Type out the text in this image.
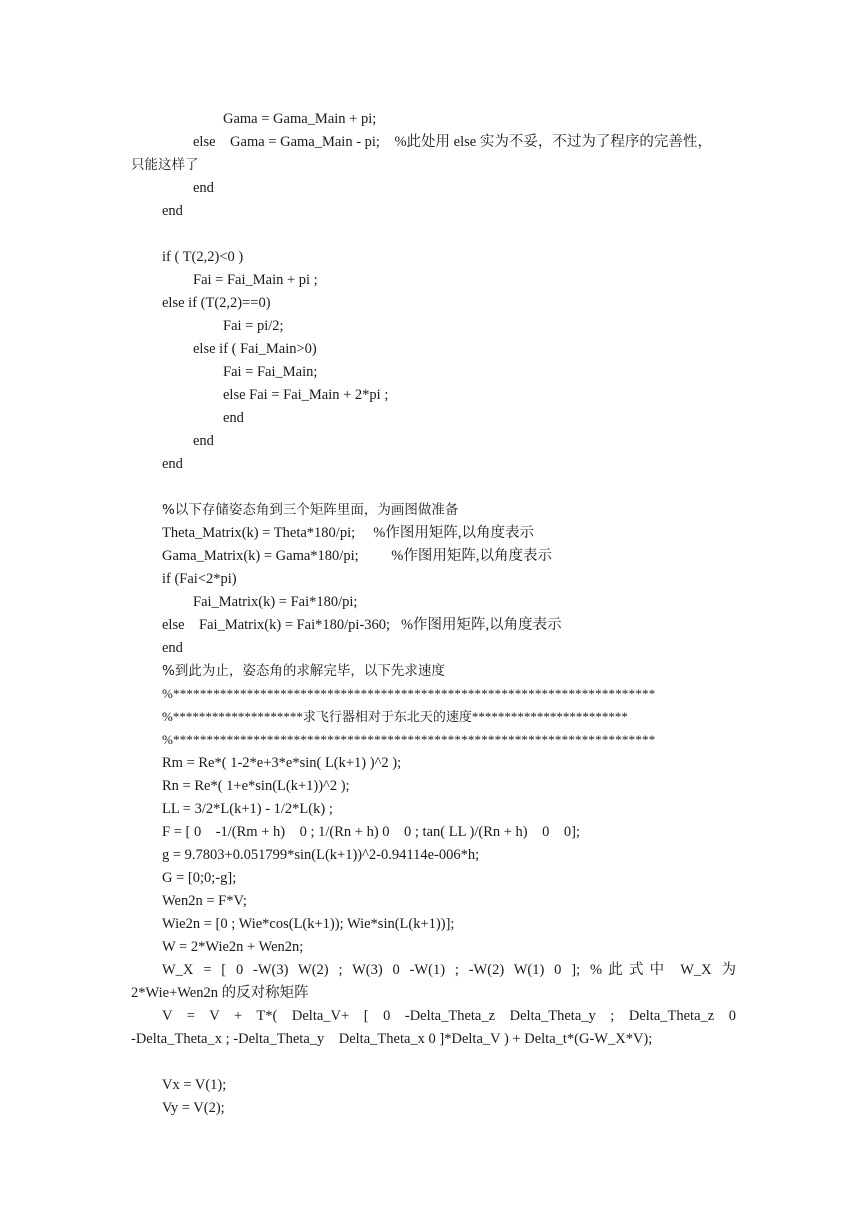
Gama = Gama_Main + pi;
else    Gama = Gama_Main - pi;    %此处用 else 实为不妥，不过为了程序的完善性，
只能这样了
end
end
if ( T(2,2)<0 )
Fai = Fai_Main + pi ;
else if (T(2,2)==0)
Fai = pi/2;
else if ( Fai_Main>0)
Fai = Fai_Main;
else Fai = Fai_Main + 2*pi ;
end
end
end
%以下存储姿态角到三个矩阵里面，为画图做准备
Theta_Matrix(k) = Theta*180/pi;     %作图用矩阵,以角度表示
Gama_Matrix(k) = Gama*180/pi;         %作图用矩阵,以角度表示
if (Fai<2*pi)
Fai_Matrix(k) = Fai*180/pi;
else    Fai_Matrix(k) = Fai*180/pi-360;   %作图用矩阵,以角度表示
end
%到此为止，姿态角的求解完毕，以下先求速度
%************************************************************************
%********************求飞行器相对于东北天的速度************************
%************************************************************************
Rm = Re*( 1-2*e+3*e*sin( L(k+1) )^2 );
Rn = Re*( 1+e*sin(L(k+1))^2 );
LL = 3/2*L(k+1) - 1/2*L(k) ;
F = [ 0    -1/(Rm + h)    0 ; 1/(Rn + h) 0    0 ; tan( LL )/(Rn + h)    0    0];
g = 9.7803+0.051799*sin(L(k+1))^2-0.94114e-006*h;
G = [0;0;-g];
Wen2n = F*V;
Wie2n = [0 ; Wie*cos(L(k+1)); Wie*sin(L(k+1))];
W = 2*Wie2n + Wen2n;
W_X = [ 0 -W(3) W(2) ; W(3) 0 -W(1) ; -W(2) W(1) 0 ]; %此式中 W_X 为
2*Wie+Wen2n 的反对称矩阵
V = V + T*( Delta_V+ [ 0 -Delta_Theta_z Delta_Theta_y ; Delta_Theta_z 0
-Delta_Theta_x ; -Delta_Theta_y    Delta_Theta_x 0 ]*Delta_V ) + Delta_t*(G-W_X*V);
Vx = V(1);
Vy = V(2);
